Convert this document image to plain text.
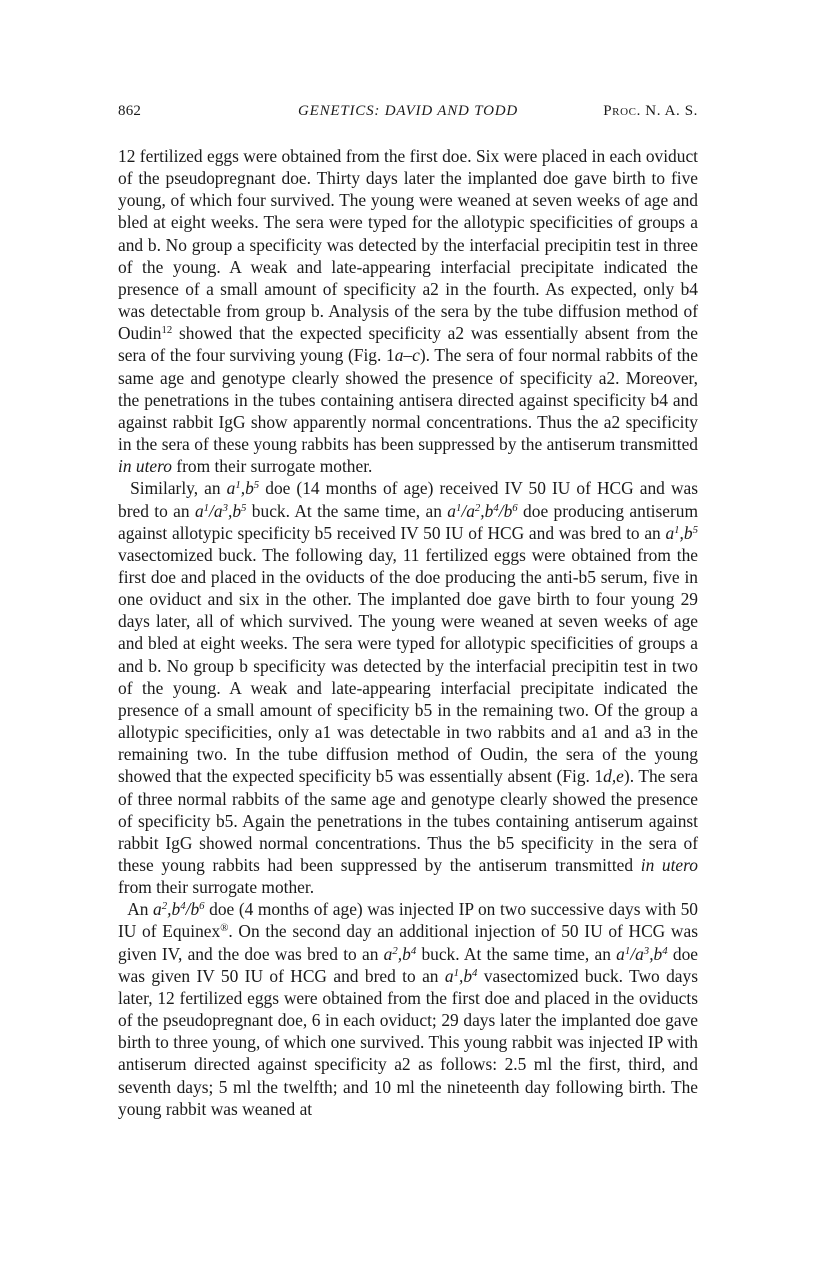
862	GENETICS: DAVID AND TODD	Proc. N. A. S.

12 fertilized eggs were obtained from the first doe. Six were placed in each oviduct of the pseudopregnant doe. Thirty days later the implanted doe gave birth to five young, of which four survived. The young were weaned at seven weeks of age and bled at eight weeks. The sera were typed for the allotypic specificities of groups a and b. No group a specificity was detected by the interfacial precipitin test in three of the young. A weak and late-appearing interfacial precipitate indicated the presence of a small amount of specificity a2 in the fourth. As expected, only b4 was detectable from group b. Analysis of the sera by the tube diffusion method of Oudin$^{12}$ showed that the expected specificity a2 was essentially absent from the sera of the four surviving young (Fig. 1a–c). The sera of four normal rabbits of the same age and genotype clearly showed the presence of specificity a2. Moreover, the penetrations in the tubes containing antisera directed against specificity b4 and against rabbit IgG show apparently normal concentrations. Thus the a2 specificity in the sera of these young rabbits has been suppressed by the antiserum transmitted in utero from their surrogate mother.

Similarly, an $a^1,b^5$ doe (14 months of age) received IV 50 IU of HCG and was bred to an $a^1/a^3,b^5$ buck. At the same time, an $a^1/a^2,b^4/b^6$ doe producing antiserum against allotypic specificity b5 received IV 50 IU of HCG and was bred to an $a^1,b^5$ vasectomized buck. The following day, 11 fertilized eggs were obtained from the first doe and placed in the oviducts of the doe producing the anti-b5 serum, five in one oviduct and six in the other. The implanted doe gave birth to four young 29 days later, all of which survived. The young were weaned at seven weeks of age and bled at eight weeks. The sera were typed for allotypic specificities of groups a and b. No group b specificity was detected by the interfacial precipitin test in two of the young. A weak and late-appearing interfacial precipitate indicated the presence of a small amount of specificity b5 in the remaining two. Of the group a allotypic specificities, only a1 was detectable in two rabbits and a1 and a3 in the remaining two. In the tube diffusion method of Oudin, the sera of the young showed that the expected specificity b5 was essentially absent (Fig. 1d,e). The sera of three normal rabbits of the same age and genotype clearly showed the presence of specificity b5. Again the penetrations in the tubes containing antiserum against rabbit IgG showed normal concentrations. Thus the b5 specificity in the sera of these young rabbits had been suppressed by the antiserum transmitted in utero from their surrogate mother.

An $a^2,b^4/b^6$ doe (4 months of age) was injected IP on two successive days with 50 IU of Equinex®. On the second day an additional injection of 50 IU of HCG was given IV, and the doe was bred to an $a^2,b^4$ buck. At the same time, an $a^1/a^3,b^4$ doe was given IV 50 IU of HCG and bred to an $a^1,b^4$ vasectomized buck. Two days later, 12 fertilized eggs were obtained from the first doe and placed in the oviducts of the pseudopregnant doe, 6 in each oviduct; 29 days later the implanted doe gave birth to three young, of which one survived. This young rabbit was injected IP with antiserum directed against specificity a2 as follows: 2.5 ml the first, third, and seventh days; 5 ml the twelfth; and 10 ml the nineteenth day following birth. The young rabbit was weaned at
